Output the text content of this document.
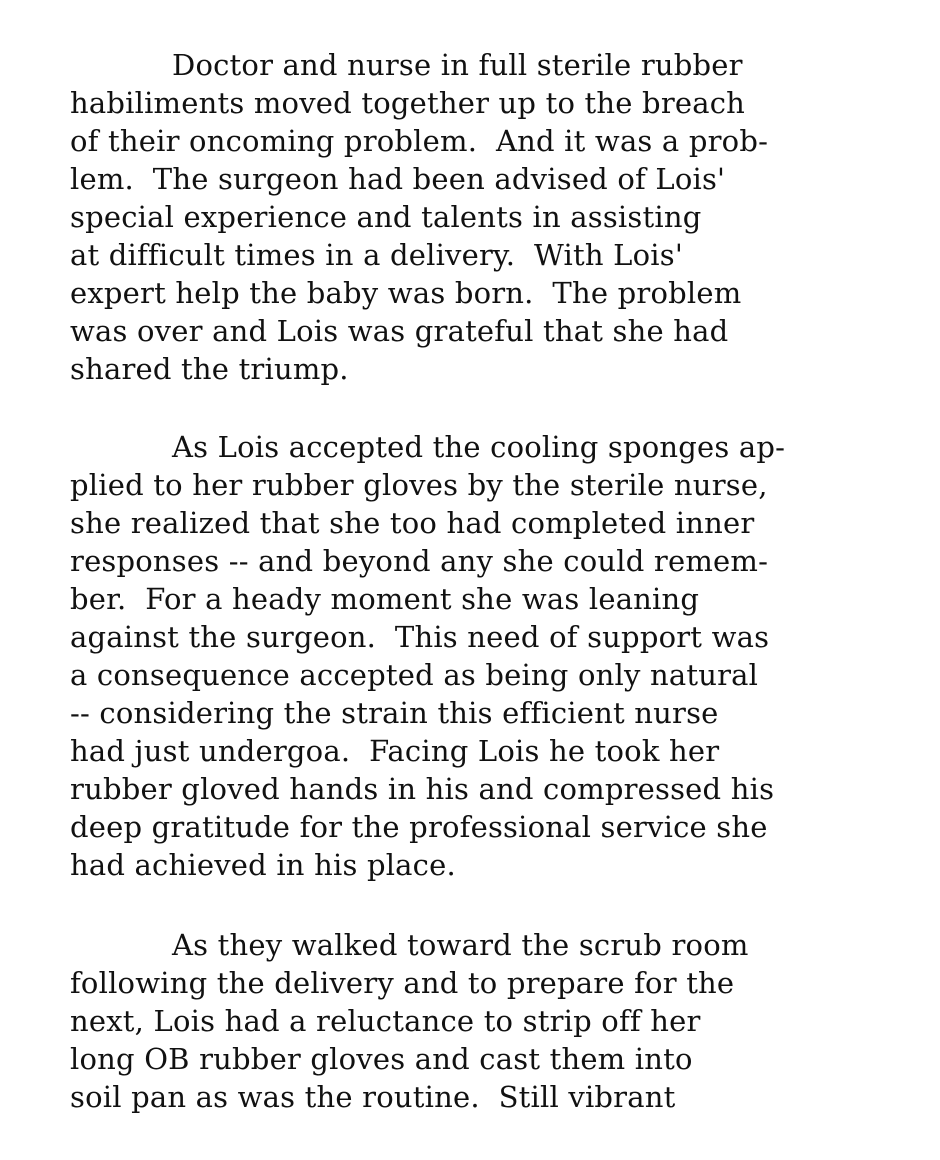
Doctor and nurse in full sterile rubber
habiliments moved together up to the breach
of their oncoming problem.  And it was a prob-
lem.  The surgeon had been advised of Lois'
special experience and talents in assisting
at difficult times in a delivery.  With Lois'
expert help the baby was born.  The problem
was over and Lois was grateful that she had
shared the triump.
As Lois accepted the cooling sponges ap-
plied to her rubber gloves by the sterile nurse,
she realized that she too had completed inner
responses -- and beyond any she could remem-
ber.  For a heady moment she was leaning
against the surgeon.  This need of support was
a consequence accepted as being only natural
-- considering the strain this efficient nurse
had just undergoa.  Facing Lois he took her
rubber gloved hands in his and compressed his
deep gratitude for the professional service she
had achieved in his place.
As they walked toward the scrub room
following the delivery and to prepare for the
next, Lois had a reluctance to strip off her
long OB rubber gloves and cast them into
soil pan as was the routine.  Still vibrant
